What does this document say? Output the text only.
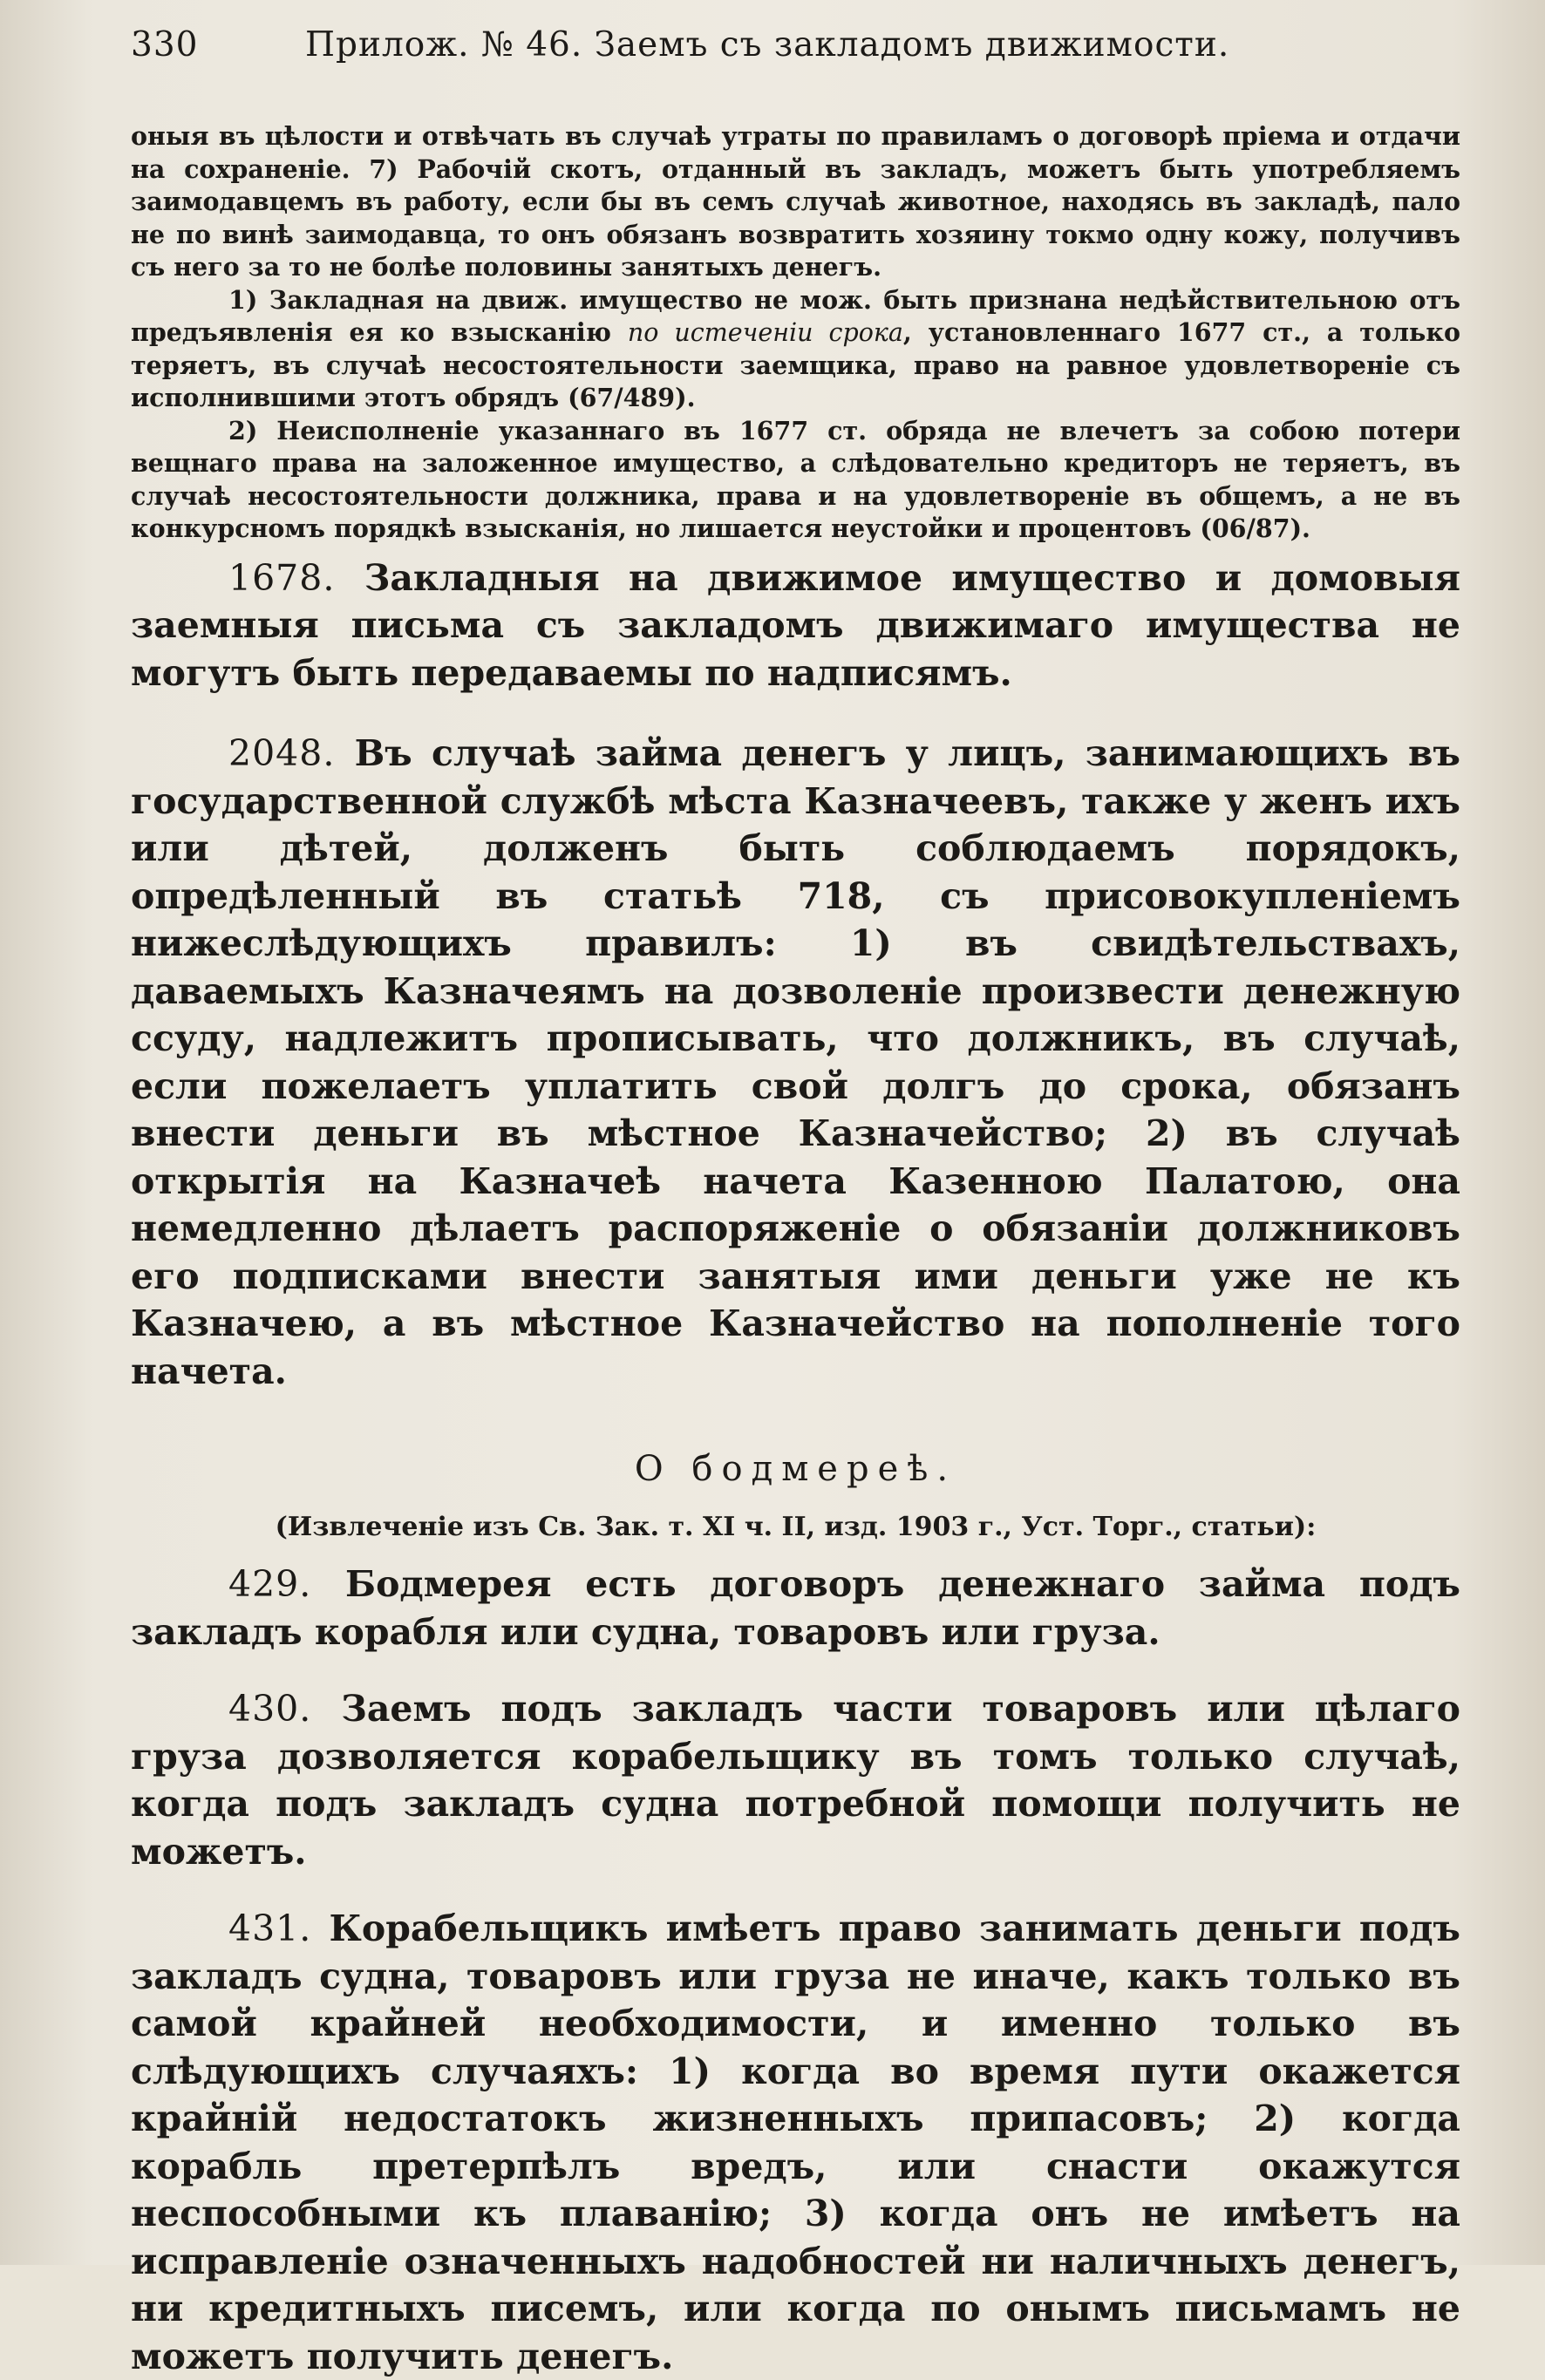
330	Прилож. № 46. Заемъ съ закладомъ движимости.

оныя въ цѣлости и отвѣчать въ случаѣ утраты по правиламъ о договорѣ пріема и отдачи на сохраненіе. 7) Рабочій скотъ, отданный въ закладъ, можетъ быть употребляемъ заимодавцемъ въ работу, если бы въ семъ случаѣ животное, находясь въ закладѣ, пало не по винѣ заимодавца, то онъ обязанъ возвратить хозяину токмо одну кожу, получивъ съ него за то не болѣе половины занятыхъ денегъ.

1) Закладная на движ. имущество не мож. быть признана недѣйствительною отъ предъявленія ея ко взысканію по истеченіи срока, установленнаго 1677 ст., а только теряетъ, въ случаѣ несостоятельности заемщика, право на равное удовлетвореніе съ исполнившими этотъ обрядъ (67/489).

2) Неисполненіе указаннаго въ 1677 ст. обряда не влечетъ за собою потери вещнаго права на заложенное имущество, а слѣдовательно кредиторъ не теряетъ, въ случаѣ несостоятельности должника, права и на удовлетвореніе въ общемъ, а не въ конкурсномъ порядкѣ взысканія, но лишается неустойки и процентовъ (06/87).

1678. Закладныя на движимое имущество и домовыя заемныя письма съ закладомъ движимаго имущества не могутъ быть передаваемы по надписямъ.

2048. Въ случаѣ займа денегъ у лицъ, занимающихъ въ государственной службѣ мѣста Казначеевъ, также у женъ ихъ или дѣтей, долженъ быть соблюдаемъ порядокъ, опредѣленный въ статьѣ 718, съ присовокупленіемъ нижеслѣдующихъ правилъ: 1) въ свидѣтельствахъ, даваемыхъ Казначеямъ на дозволеніе произвести денежную ссуду, надлежитъ прописывать, что должникъ, въ случаѣ, если пожелаетъ уплатить свой долгъ до срока, обязанъ внести деньги въ мѣстное Казначейство; 2) въ случаѣ открытія на Казначеѣ начета Казенною Палатою, она немедленно дѣлаетъ распоряженіе о обязаніи должниковъ его подписками внести занятыя ими деньги уже не къ Казначею, а въ мѣстное Казначейство на пополненіе того начета.

О бодмереѣ.

(Извлеченіе изъ Св. Зак. т. XI ч. II, изд. 1903 г., Уст. Торг., статьи):

429. Бодмерея есть договоръ денежнаго займа подъ закладъ корабля или судна, товаровъ или груза.

430. Заемъ подъ закладъ части товаровъ или цѣлаго груза дозволяется корабельщику въ томъ только случаѣ, когда подъ закладъ судна потребной помощи получить не можетъ.

431. Корабельщикъ имѣетъ право занимать деньги подъ закладъ судна, товаровъ или груза не иначе, какъ только въ самой крайней необходимости, и именно только въ слѣдующихъ случаяхъ: 1) когда во время пути окажется крайній недостатокъ жизненныхъ припасовъ; 2) когда корабль претерпѣлъ вредъ, или снасти окажутся неспособными къ плаванію; 3) когда онъ не имѣетъ на исправленіе означенныхъ надобностей ни наличныхъ денегъ, ни кредитныхъ писемъ, или когда по онымъ письмамъ не можетъ получить денегъ.
